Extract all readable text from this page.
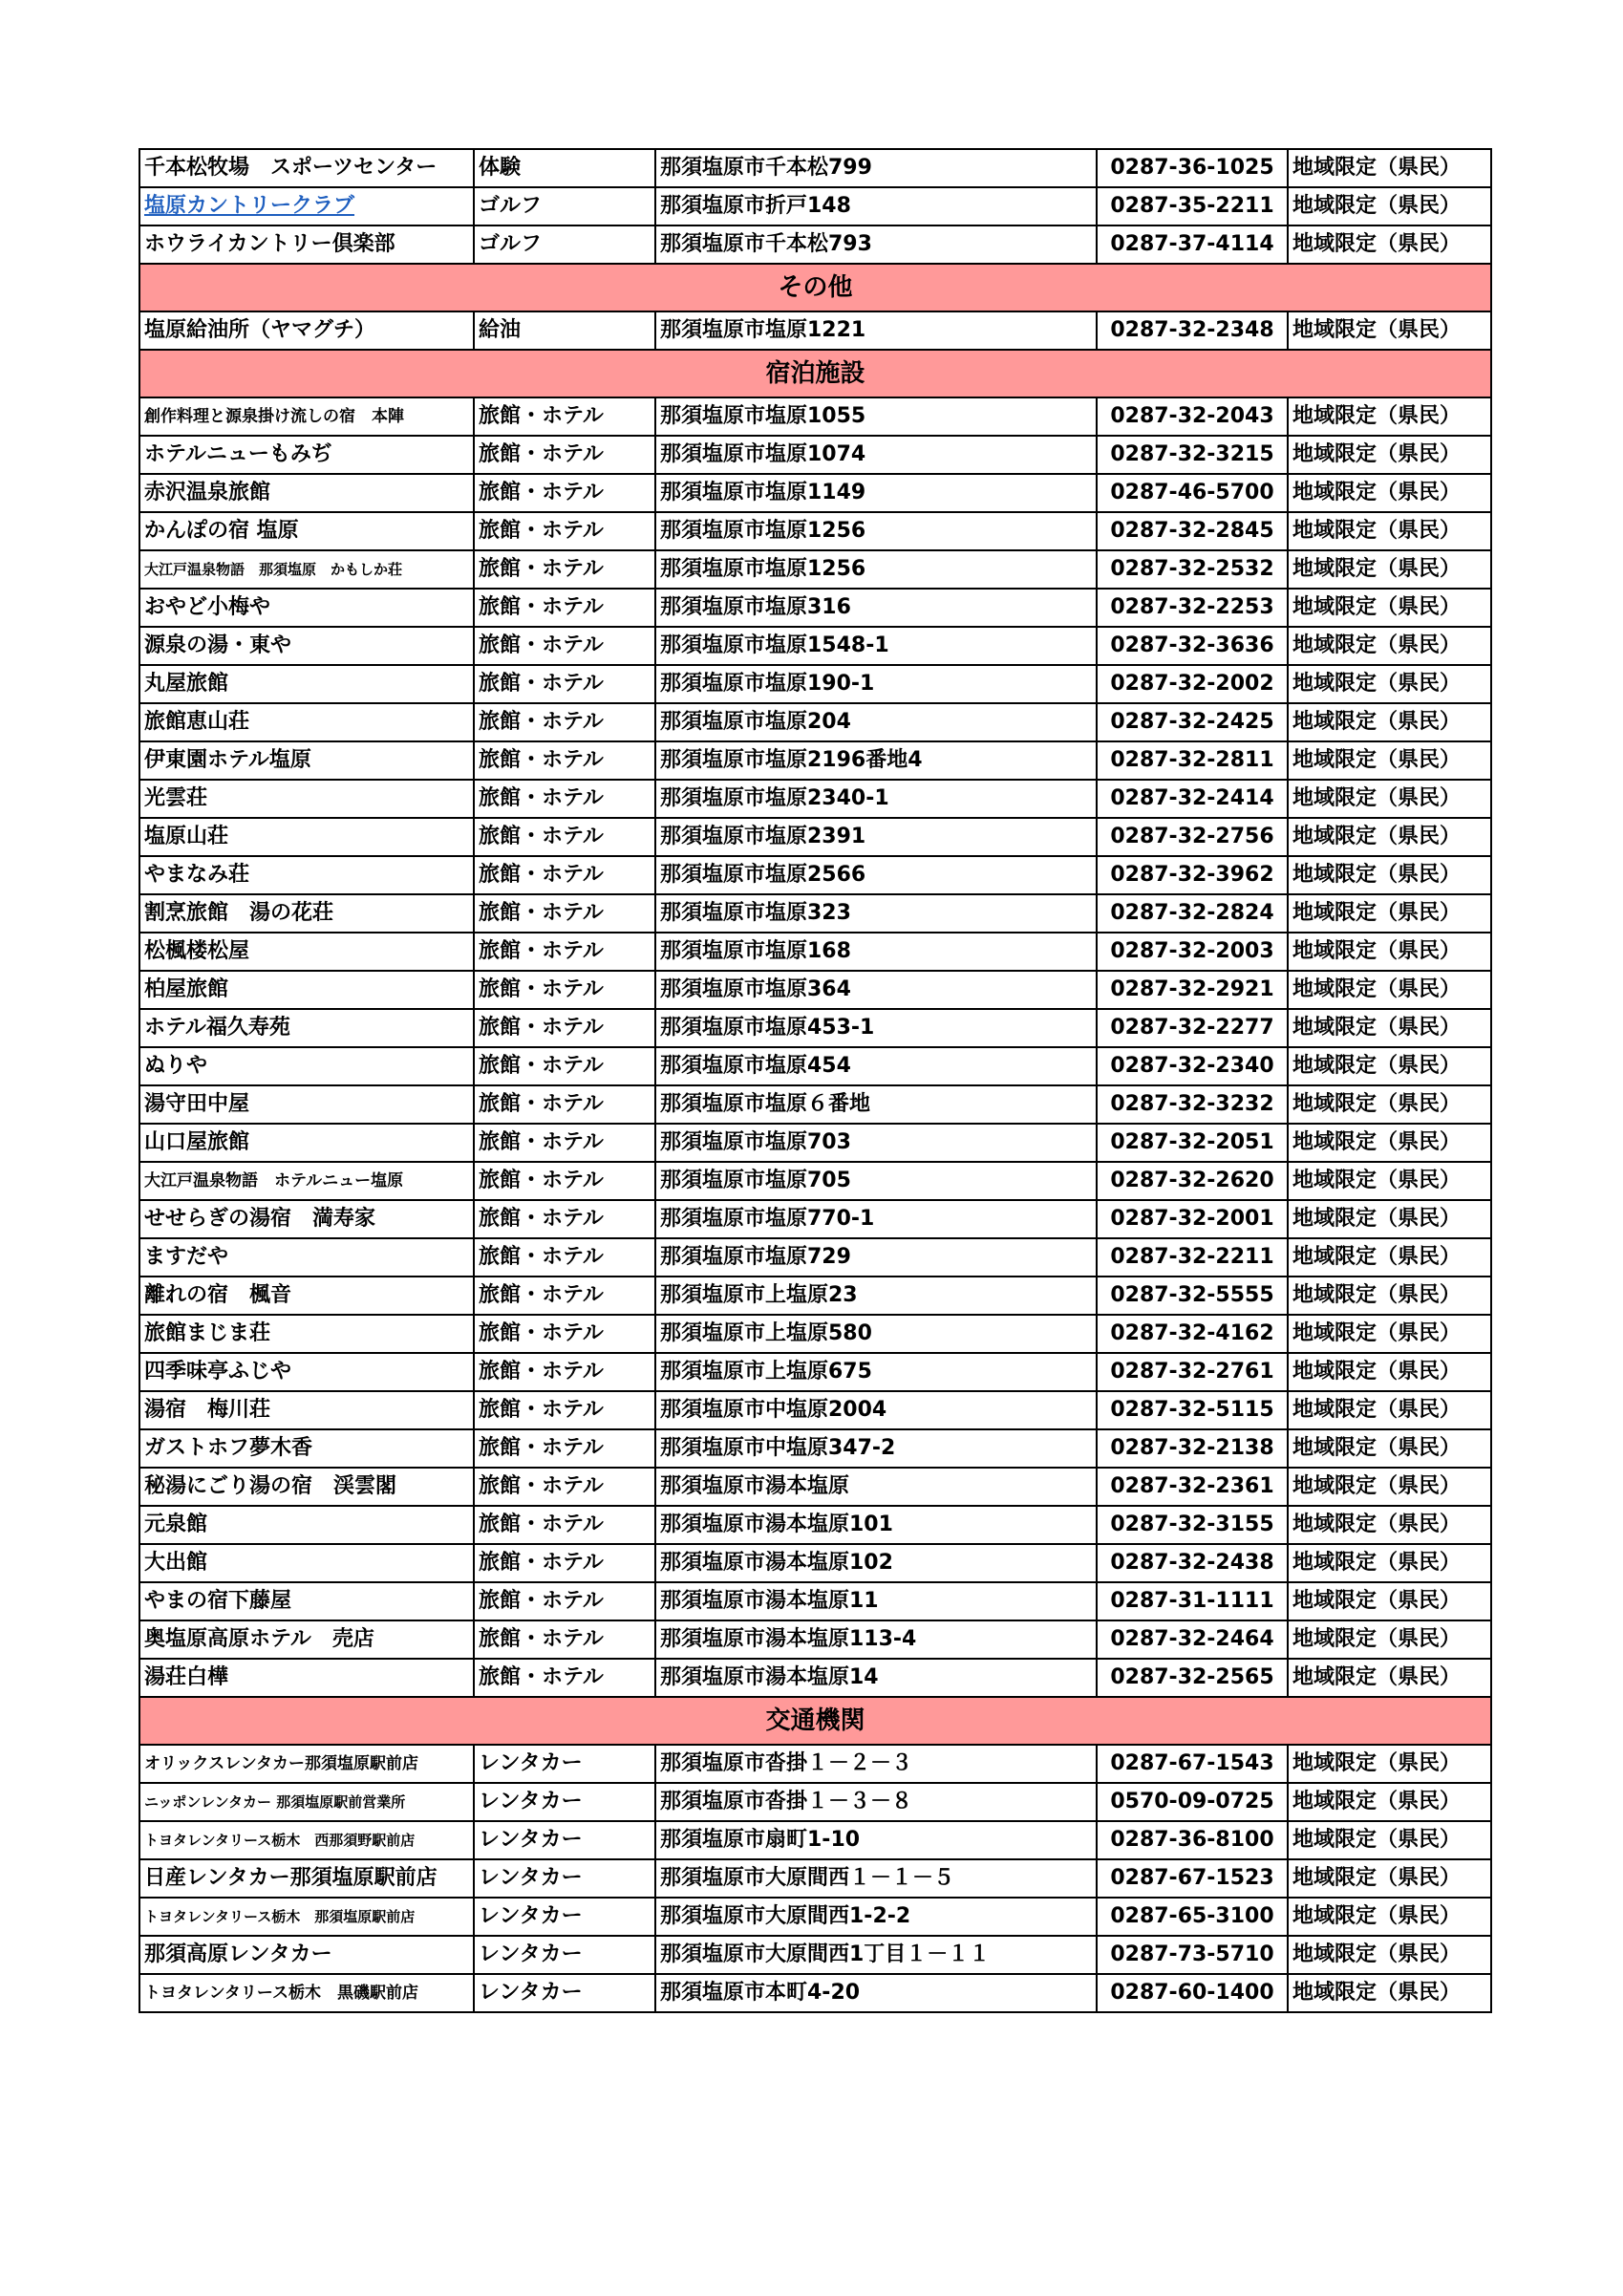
千本松牧場　スポーツセンター	体験	那須塩原市千本松799	0287-36-1025	地域限定（県民）
塩原カントリークラブ	ゴルフ	那須塩原市折戸148	0287-35-2211	地域限定（県民）
ホウライカントリー倶楽部	ゴルフ	那須塩原市千本松793	0287-37-4114	地域限定（県民）
その他				
塩原給油所（ヤマグチ）	給油	那須塩原市塩原1221	0287-32-2348	地域限定（県民）
宿泊施設				
創作料理と源泉掛け流しの宿　本陣	旅館・ホテル	那須塩原市塩原1055	0287-32-2043	地域限定（県民）
ホテルニューもみぢ	旅館・ホテル	那須塩原市塩原1074	0287-32-3215	地域限定（県民）
赤沢温泉旅館	旅館・ホテル	那須塩原市塩原1149	0287-46-5700	地域限定（県民）
かんぽの宿 塩原	旅館・ホテル	那須塩原市塩原1256	0287-32-2845	地域限定（県民）
大江戸温泉物語　那須塩原　かもしか荘	旅館・ホテル	那須塩原市塩原1256	0287-32-2532	地域限定（県民）
おやど小梅や	旅館・ホテル	那須塩原市塩原316	0287-32-2253	地域限定（県民）
源泉の湯・東や	旅館・ホテル	那須塩原市塩原1548-1	0287-32-3636	地域限定（県民）
丸屋旅館	旅館・ホテル	那須塩原市塩原190-1	0287-32-2002	地域限定（県民）
旅館恵山荘	旅館・ホテル	那須塩原市塩原204	0287-32-2425	地域限定（県民）
伊東園ホテル塩原	旅館・ホテル	那須塩原市塩原2196番地4	0287-32-2811	地域限定（県民）
光雲荘	旅館・ホテル	那須塩原市塩原2340-1	0287-32-2414	地域限定（県民）
塩原山荘	旅館・ホテル	那須塩原市塩原2391	0287-32-2756	地域限定（県民）
やまなみ荘	旅館・ホテル	那須塩原市塩原2566	0287-32-3962	地域限定（県民）
割烹旅館　湯の花荘	旅館・ホテル	那須塩原市塩原323	0287-32-2824	地域限定（県民）
松楓楼松屋	旅館・ホテル	那須塩原市塩原168	0287-32-2003	地域限定（県民）
柏屋旅館	旅館・ホテル	那須塩原市塩原364	0287-32-2921	地域限定（県民）
ホテル福久寿苑	旅館・ホテル	那須塩原市塩原453-1	0287-32-2277	地域限定（県民）
ぬりや	旅館・ホテル	那須塩原市塩原454	0287-32-2340	地域限定（県民）
湯守田中屋	旅館・ホテル	那須塩原市塩原６番地	0287-32-3232	地域限定（県民）
山口屋旅館	旅館・ホテル	那須塩原市塩原703	0287-32-2051	地域限定（県民）
大江戸温泉物語　ホテルニュー塩原	旅館・ホテル	那須塩原市塩原705	0287-32-2620	地域限定（県民）
せせらぎの湯宿　満寿家	旅館・ホテル	那須塩原市塩原770-1	0287-32-2001	地域限定（県民）
ますだや	旅館・ホテル	那須塩原市塩原729	0287-32-2211	地域限定（県民）
離れの宿　楓音	旅館・ホテル	那須塩原市上塩原23	0287-32-5555	地域限定（県民）
旅館まじま荘	旅館・ホテル	那須塩原市上塩原580	0287-32-4162	地域限定（県民）
四季味亭ふじや	旅館・ホテル	那須塩原市上塩原675	0287-32-2761	地域限定（県民）
湯宿　梅川荘	旅館・ホテル	那須塩原市中塩原2004	0287-32-5115	地域限定（県民）
ガストホフ夢木香	旅館・ホテル	那須塩原市中塩原347-2	0287-32-2138	地域限定（県民）
秘湯にごり湯の宿　渓雲閣	旅館・ホテル	那須塩原市湯本塩原	0287-32-2361	地域限定（県民）
元泉館	旅館・ホテル	那須塩原市湯本塩原101	0287-32-3155	地域限定（県民）
大出館	旅館・ホテル	那須塩原市湯本塩原102	0287-32-2438	地域限定（県民）
やまの宿下藤屋	旅館・ホテル	那須塩原市湯本塩原11	0287-31-1111	地域限定（県民）
奥塩原高原ホテル　売店	旅館・ホテル	那須塩原市湯本塩原113-4	0287-32-2464	地域限定（県民）
湯荘白樺	旅館・ホテル	那須塩原市湯本塩原14	0287-32-2565	地域限定（県民）
交通機関				
オリックスレンタカー那須塩原駅前店	レンタカー	那須塩原市沓掛１－２－３	0287-67-1543	地域限定（県民）
ニッポンレンタカー 那須塩原駅前営業所	レンタカー	那須塩原市沓掛１－３－８	0570-09-0725	地域限定（県民）
トヨタレンタリース栃木　西那須野駅前店	レンタカー	那須塩原市扇町1-10	0287-36-8100	地域限定（県民）
日産レンタカー那須塩原駅前店	レンタカー	那須塩原市大原間西１－１－５	0287-67-1523	地域限定（県民）
トヨタレンタリース栃木　那須塩原駅前店	レンタカー	那須塩原市大原間西1-2-2	0287-65-3100	地域限定（県民）
那須高原レンタカー	レンタカー	那須塩原市大原間西1丁目１－１１	0287-73-5710	地域限定（県民）
トヨタレンタリース栃木　黒磯駅前店	レンタカー	那須塩原市本町4-20	0287-60-1400	地域限定（県民）
